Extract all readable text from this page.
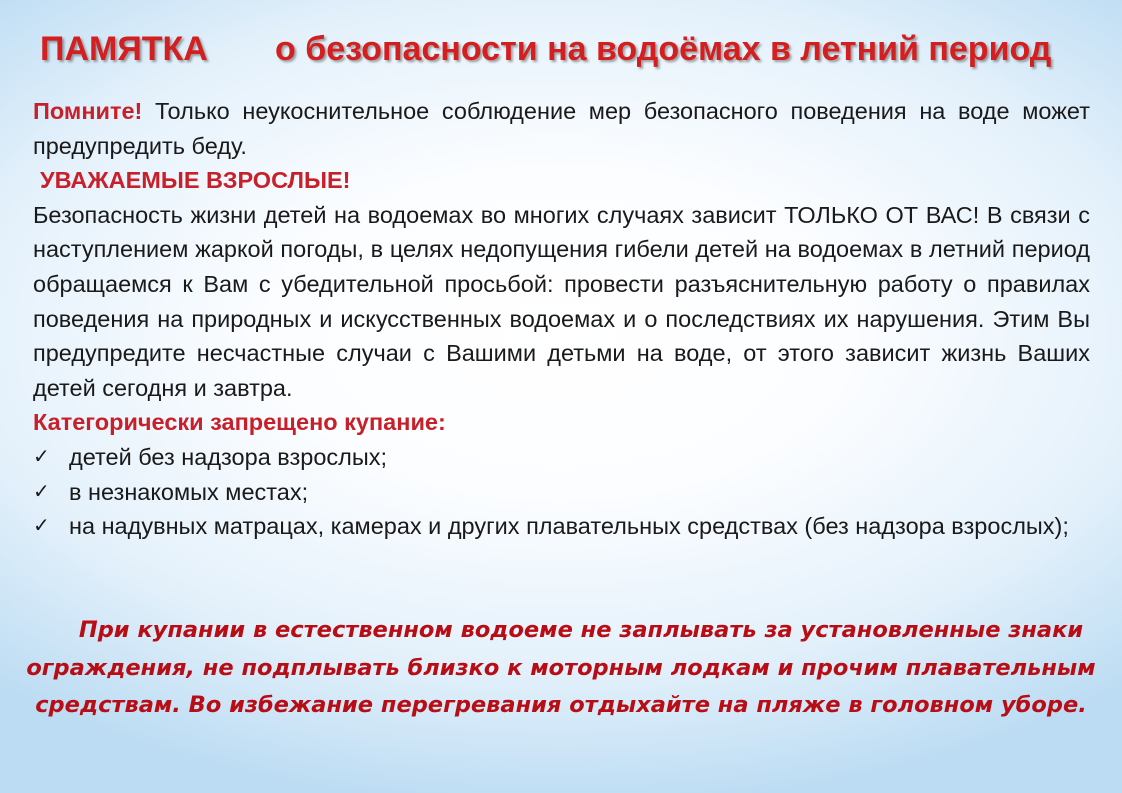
ПАМЯТКА о безопасности на водоёмах в летний период

Помните! Только неукоснительное соблюдение мер безопасного поведения на воде может предупредить беду.

УВАЖАЕМЫЕ ВЗРОСЛЫЕ!

Безопасность жизни детей на водоемах во многих случаях зависит ТОЛЬКО ОТ ВАС! В связи с наступлением жаркой погоды, в целях недопущения гибели детей на водоемах в летний период обращаемся к Вам с убедительной просьбой: провести разъяснительную работу о правилах поведения на природных и искусственных водоемах и о последствиях их нарушения. Этим Вы предупредите несчастные случаи с Вашими детьми на воде, от этого зависит жизнь Ваших детей сегодня и завтра.

Категорически запрещено купание:
✓ детей без надзора взрослых;
✓ в незнакомых местах;
✓ на надувных матрацах, камерах и других плавательных средствах (без надзора взрослых);
При купании в естественном водоеме не заплывать за установленные знаки ограждения, не подплывать близко к моторным лодкам и прочим плавательным средствам. Во избежание перегревания отдыхайте на пляже в головном уборе.
